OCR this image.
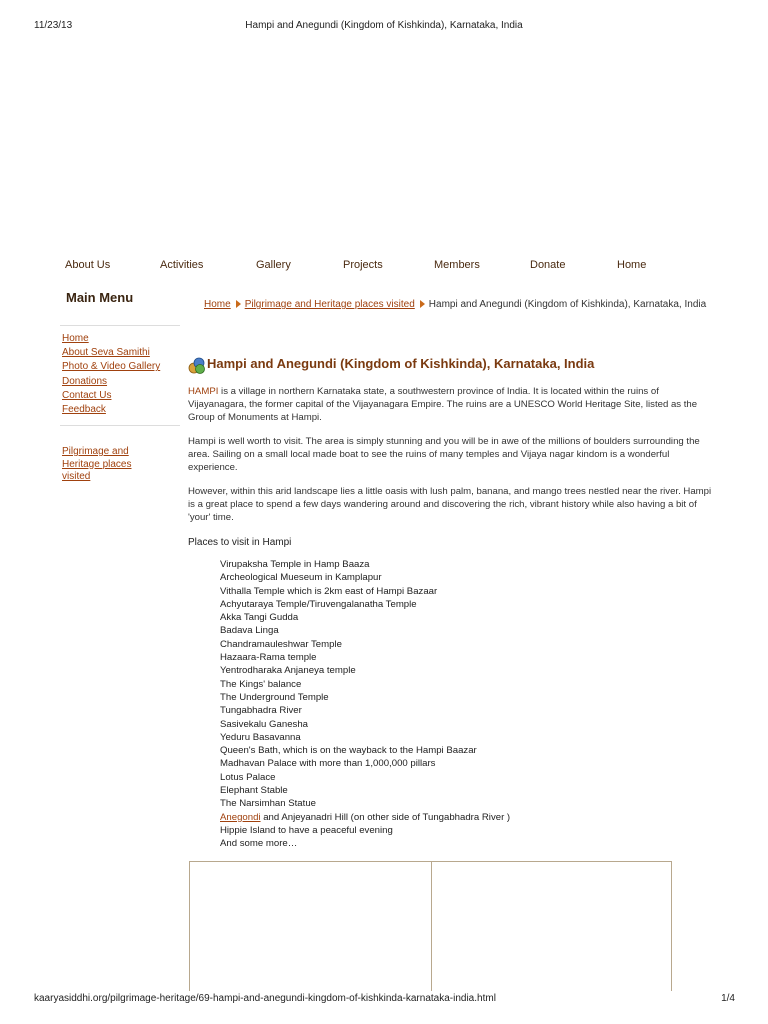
11/23/13	Hampi and Anegundi (Kingdom of Kishkinda), Karnataka, India
About Us	Activities	Gallery	Projects	Members	Donate	Home
Main Menu
Home
About Seva Samithi
Photo & Video Gallery
Donations
Contact Us
Feedback
Pilgrimage and Heritage places visited
Home Pilgrimage and Heritage places visited Hampi and Anegundi (Kingdom of Kishkinda), Karnataka, India
Hampi and Anegundi (Kingdom of Kishkinda), Karnataka, India
HAMPI is a village in northern Karnataka state, a southwestern province of India. It is located within the ruins of Vijayanagara, the former capital of the Vijayanagara Empire. The ruins are a UNESCO World Heritage Site, listed as the Group of Monuments at Hampi.
Hampi is well worth to visit. The area is simply stunning and you will be in awe of the millions of boulders surrounding the area. Sailing on a small local made boat to see the ruins of many temples and Vijaya nagar kindom is a wonderful experience.
However, within this arid landscape lies a little oasis with lush palm, banana, and mango trees nestled near the river. Hampi is a great place to spend a few days wandering around and discovering the rich, vibrant history while also having a bit of 'your' time.
Places to visit in Hampi
Virupaksha Temple in Hamp Baaza
Archeological Mueseum in Kamplapur
Vithalla Temple which is 2km east of Hampi Bazaar
Achyutaraya Temple/Tiruvengalanatha Temple
Akka Tangi Gudda
Badava Linga
Chandramauleshwar Temple
Hazaara-Rama temple
Yentrodharaka Anjaneya temple
The Kings' balance
The Underground Temple
Tungabhadra River
Sasivekalu Ganesha
Yeduru Basavanna
Queen's Bath, which is on the wayback to the Hampi Baazar
Madhavan Palace with more than 1,000,000 pillars
Lotus Palace
Elephant Stable
The Narsimhan Statue
Anegondi and Anjeyanadri Hill (on other side of Tungabhadra River )
Hippie Island to have a peaceful evening
And some more…
kaaryasiddhi.org/pilgrimage-heritage/69-hampi-and-anegundi-kingdom-of-kishkinda-karnataka-india.html	1/4
